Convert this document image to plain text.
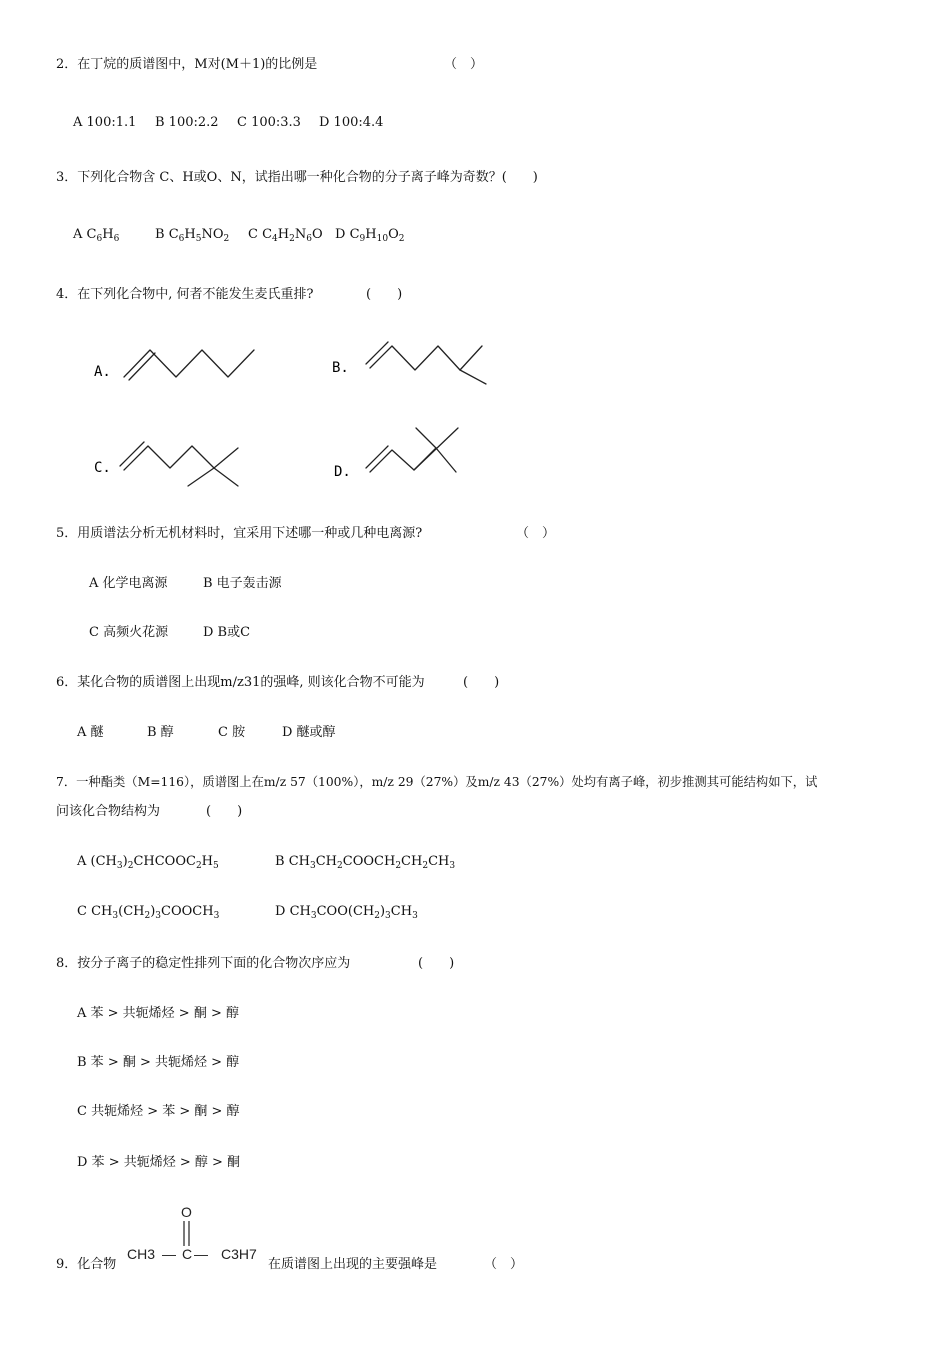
2．在丁烷的质谱图中，M对(M＋1)的比例是	（　）
A 100:1.1 B 100:2.2 C 100:3.3 D 100:4.4
3．下列化合物含 C、H或O、N，试指出哪一种化合物的分子离子峰为奇数？(　　)
A $C_6H_6$	B $C_6H_5NO_2$ C $C_4H_2N_6O$ D $C_9H_{10}O_2$
4．在下列化合物中, 何者不能发生麦氏重排?	(　　)
A.	B.
C.	D.
5．用质谱法分析无机材料时，宜采用下述哪一种或几种电离源?	（　）
A 化学电离源	B 电子轰击源
C 高频火花源	D B或C
6．某化合物的质谱图上出现m/z31的强峰, 则该化合物不可能为	(　　)
A 醚	B 醇	C 胺	D 醚或醇
7．一种酯类（M=116），质谱图上在m/z 57（100%），m/z 29（27%）及m/z 43（27%）处均有离子峰，初步推测其可能结构如下，试
问该化合物结构为	(　　)
A $(CH_3)_2CHCOOC_2H_5$	B $CH_3CH_2COOCH_2CH_2CH_3$
C $CH_3(CH_2)_3COOCH_3$	D $CH_3COO(CH_2)_3CH_3$
8．按分子离子的稳定性排列下面的化合物次序应为	(　　)
A 苯 > 共轭烯烃 > 酮 > 醇
B 苯 > 酮 > 共轭烯烃 > 醇
C 共轭烯烃 > 苯 > 酮 > 醇
D 苯 > 共轭烯烃 > 醇 > 酮
9．化合物
O
CH3 — C — C3H7
在质谱图上出现的主要强峰是	（　）
